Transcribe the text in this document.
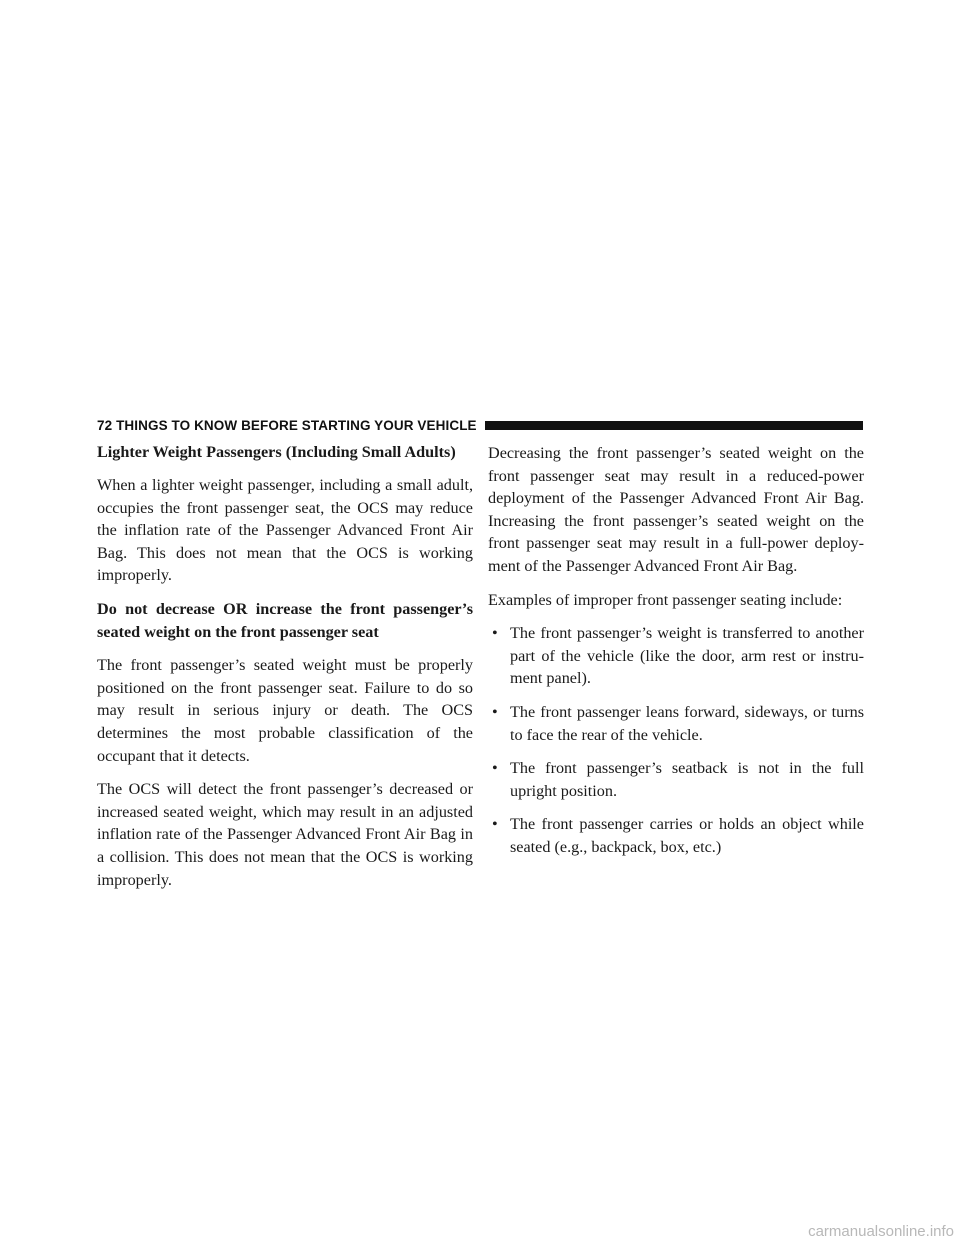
72 THINGS TO KNOW BEFORE STARTING YOUR VEHICLE
Lighter Weight Passengers (Including Small Adults)

When a lighter weight passenger, including a small adult, occupies the front passenger seat, the OCS may reduce the inflation rate of the Passenger Advanced Front Air Bag. This does not mean that the OCS is working improperly.

Do not decrease OR increase the front passenger’s seated weight on the front passenger seat

The front passenger’s seated weight must be properly positioned on the front passenger seat. Failure to do so may result in serious injury or death. The OCS determines the most probable classification of the occupant that it detects.

The OCS will detect the front passenger’s decreased or increased seated weight, which may result in an adjusted inflation rate of the Passenger Advanced Front Air Bag in a collision. This does not mean that the OCS is working improperly.

Decreasing the front passenger’s seated weight on the front passenger seat may result in a reduced-power deployment of the Passenger Advanced Front Air Bag. Increasing the front passenger’s seated weight on the front passenger seat may result in a full-power deploy-ment of the Passenger Advanced Front Air Bag.

Examples of improper front passenger seating include:

• The front passenger’s weight is transferred to another part of the vehicle (like the door, arm rest or instru-ment panel).
• The front passenger leans forward, sideways, or turns to face the rear of the vehicle.
• The front passenger’s seatback is not in the full upright position.
• The front passenger carries or holds an object while seated (e.g., backpack, box, etc.)
carmanualsonline.info
